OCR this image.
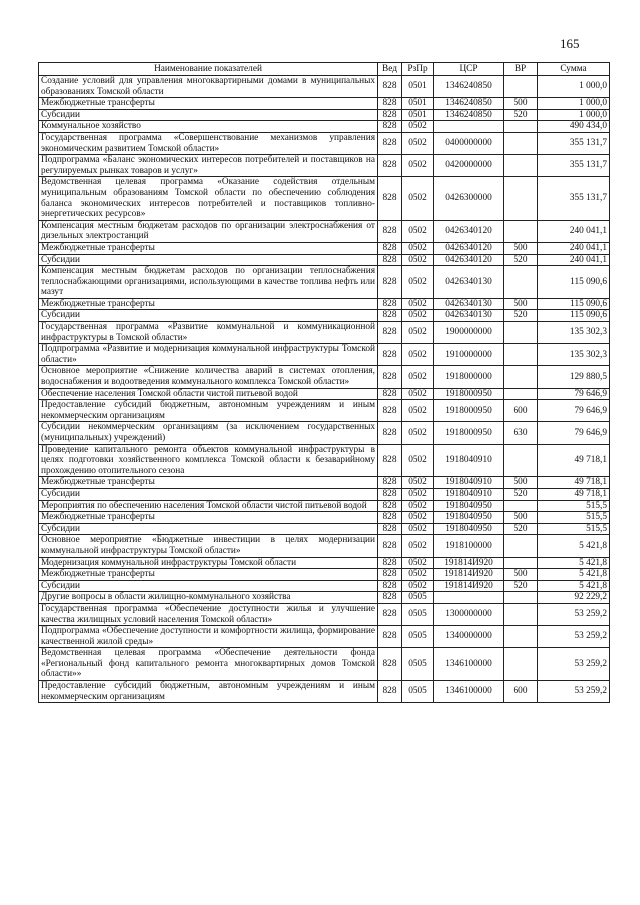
165
Наименование показателей	Вед	РзПр	ЦСР	ВР	Сумма
Создание условий для управления многоквартирными домами в муниципальных образованиях Томской области	828	0501	1346240850		1 000,0
Межбюджетные трансферты	828	0501	1346240850	500	1 000,0
Субсидии	828	0501	1346240850	520	1 000,0
Коммунальное хозяйство	828	0502			490 434,0
Государственная программа «Совершенствование механизмов управления экономическим развитием Томской области»	828	0502	0400000000		355 131,7
Подпрограмма «Баланс экономических интересов потребителей и поставщиков на регулируемых рынках товаров и услуг»	828	0502	0420000000		355 131,7
Ведомственная целевая программа «Оказание содействия отдельным муниципальным образованиям Томской области по обеспечению соблюдения баланса экономических интересов потребителей и поставщиков топливно-энергетических ресурсов»	828	0502	0426300000		355 131,7
Компенсация местным бюджетам расходов по организации электроснабжения от дизельных электростанций	828	0502	0426340120		240 041,1
Межбюджетные трансферты	828	0502	0426340120	500	240 041,1
Субсидии	828	0502	0426340120	520	240 041,1
Компенсация местным бюджетам расходов по организации теплоснабжения теплоснабжающими организациями, использующими в качестве топлива нефть или мазут	828	0502	0426340130		115 090,6
Межбюджетные трансферты	828	0502	0426340130	500	115 090,6
Субсидии	828	0502	0426340130	520	115 090,6
Государственная программа «Развитие коммунальной и коммуникационной инфраструктуры в Томской области»	828	0502	1900000000		135 302,3
Подпрограмма «Развитие и модернизация коммунальной инфраструктуры Томской области»	828	0502	1910000000		135 302,3
Основное мероприятие «Снижение количества аварий в системах отопления, водоснабжения и водоотведения коммунального комплекса Томской области»	828	0502	1918000000		129 880,5
Обеспечение населения Томской области чистой питьевой водой	828	0502	1918000950		79 646,9
Предоставление субсидий бюджетным, автономным учреждениям и иным некоммерческим организациям	828	0502	1918000950	600	79 646,9
Субсидии некоммерческим организациям (за исключением государственных (муниципальных) учреждений)	828	0502	1918000950	630	79 646,9
Проведение капитального ремонта объектов коммунальной инфраструктуры в целях подготовки хозяйственного комплекса Томской области к безаварийному прохождению отопительного сезона	828	0502	1918040910		49 718,1
Межбюджетные трансферты	828	0502	1918040910	500	49 718,1
Субсидии	828	0502	1918040910	520	49 718,1
Мероприятия по обеспечению населения Томской области чистой питьевой водой	828	0502	1918040950		515,5
Межбюджетные трансферты	828	0502	1918040950	500	515,5
Субсидии	828	0502	1918040950	520	515,5
Основное мероприятие «Бюджетные инвестиции в целях модернизации коммунальной инфраструктуры Томской области»	828	0502	1918100000		5 421,8
Модернизация коммунальной инфраструктуры Томской области	828	0502	191814И920		5 421,8
Межбюджетные трансферты	828	0502	191814И920	500	5 421,8
Субсидии	828	0502	191814И920	520	5 421,8
Другие вопросы в области жилищно-коммунального хозяйства	828	0505			92 229,2
Государственная программа «Обеспечение доступности жилья и улучшение качества жилищных условий населения Томской области»	828	0505	1300000000		53 259,2
Подпрограмма «Обеспечение доступности и комфортности жилища, формирование качественной жилой среды»	828	0505	1340000000		53 259,2
Ведомственная целевая программа «Обеспечение деятельности фонда «Региональный фонд капитального ремонта многоквартирных домов Томской области»»	828	0505	1346100000		53 259,2
Предоставление субсидий бюджетным, автономным учреждениям и иным некоммерческим организациям	828	0505	1346100000	600	53 259,2
